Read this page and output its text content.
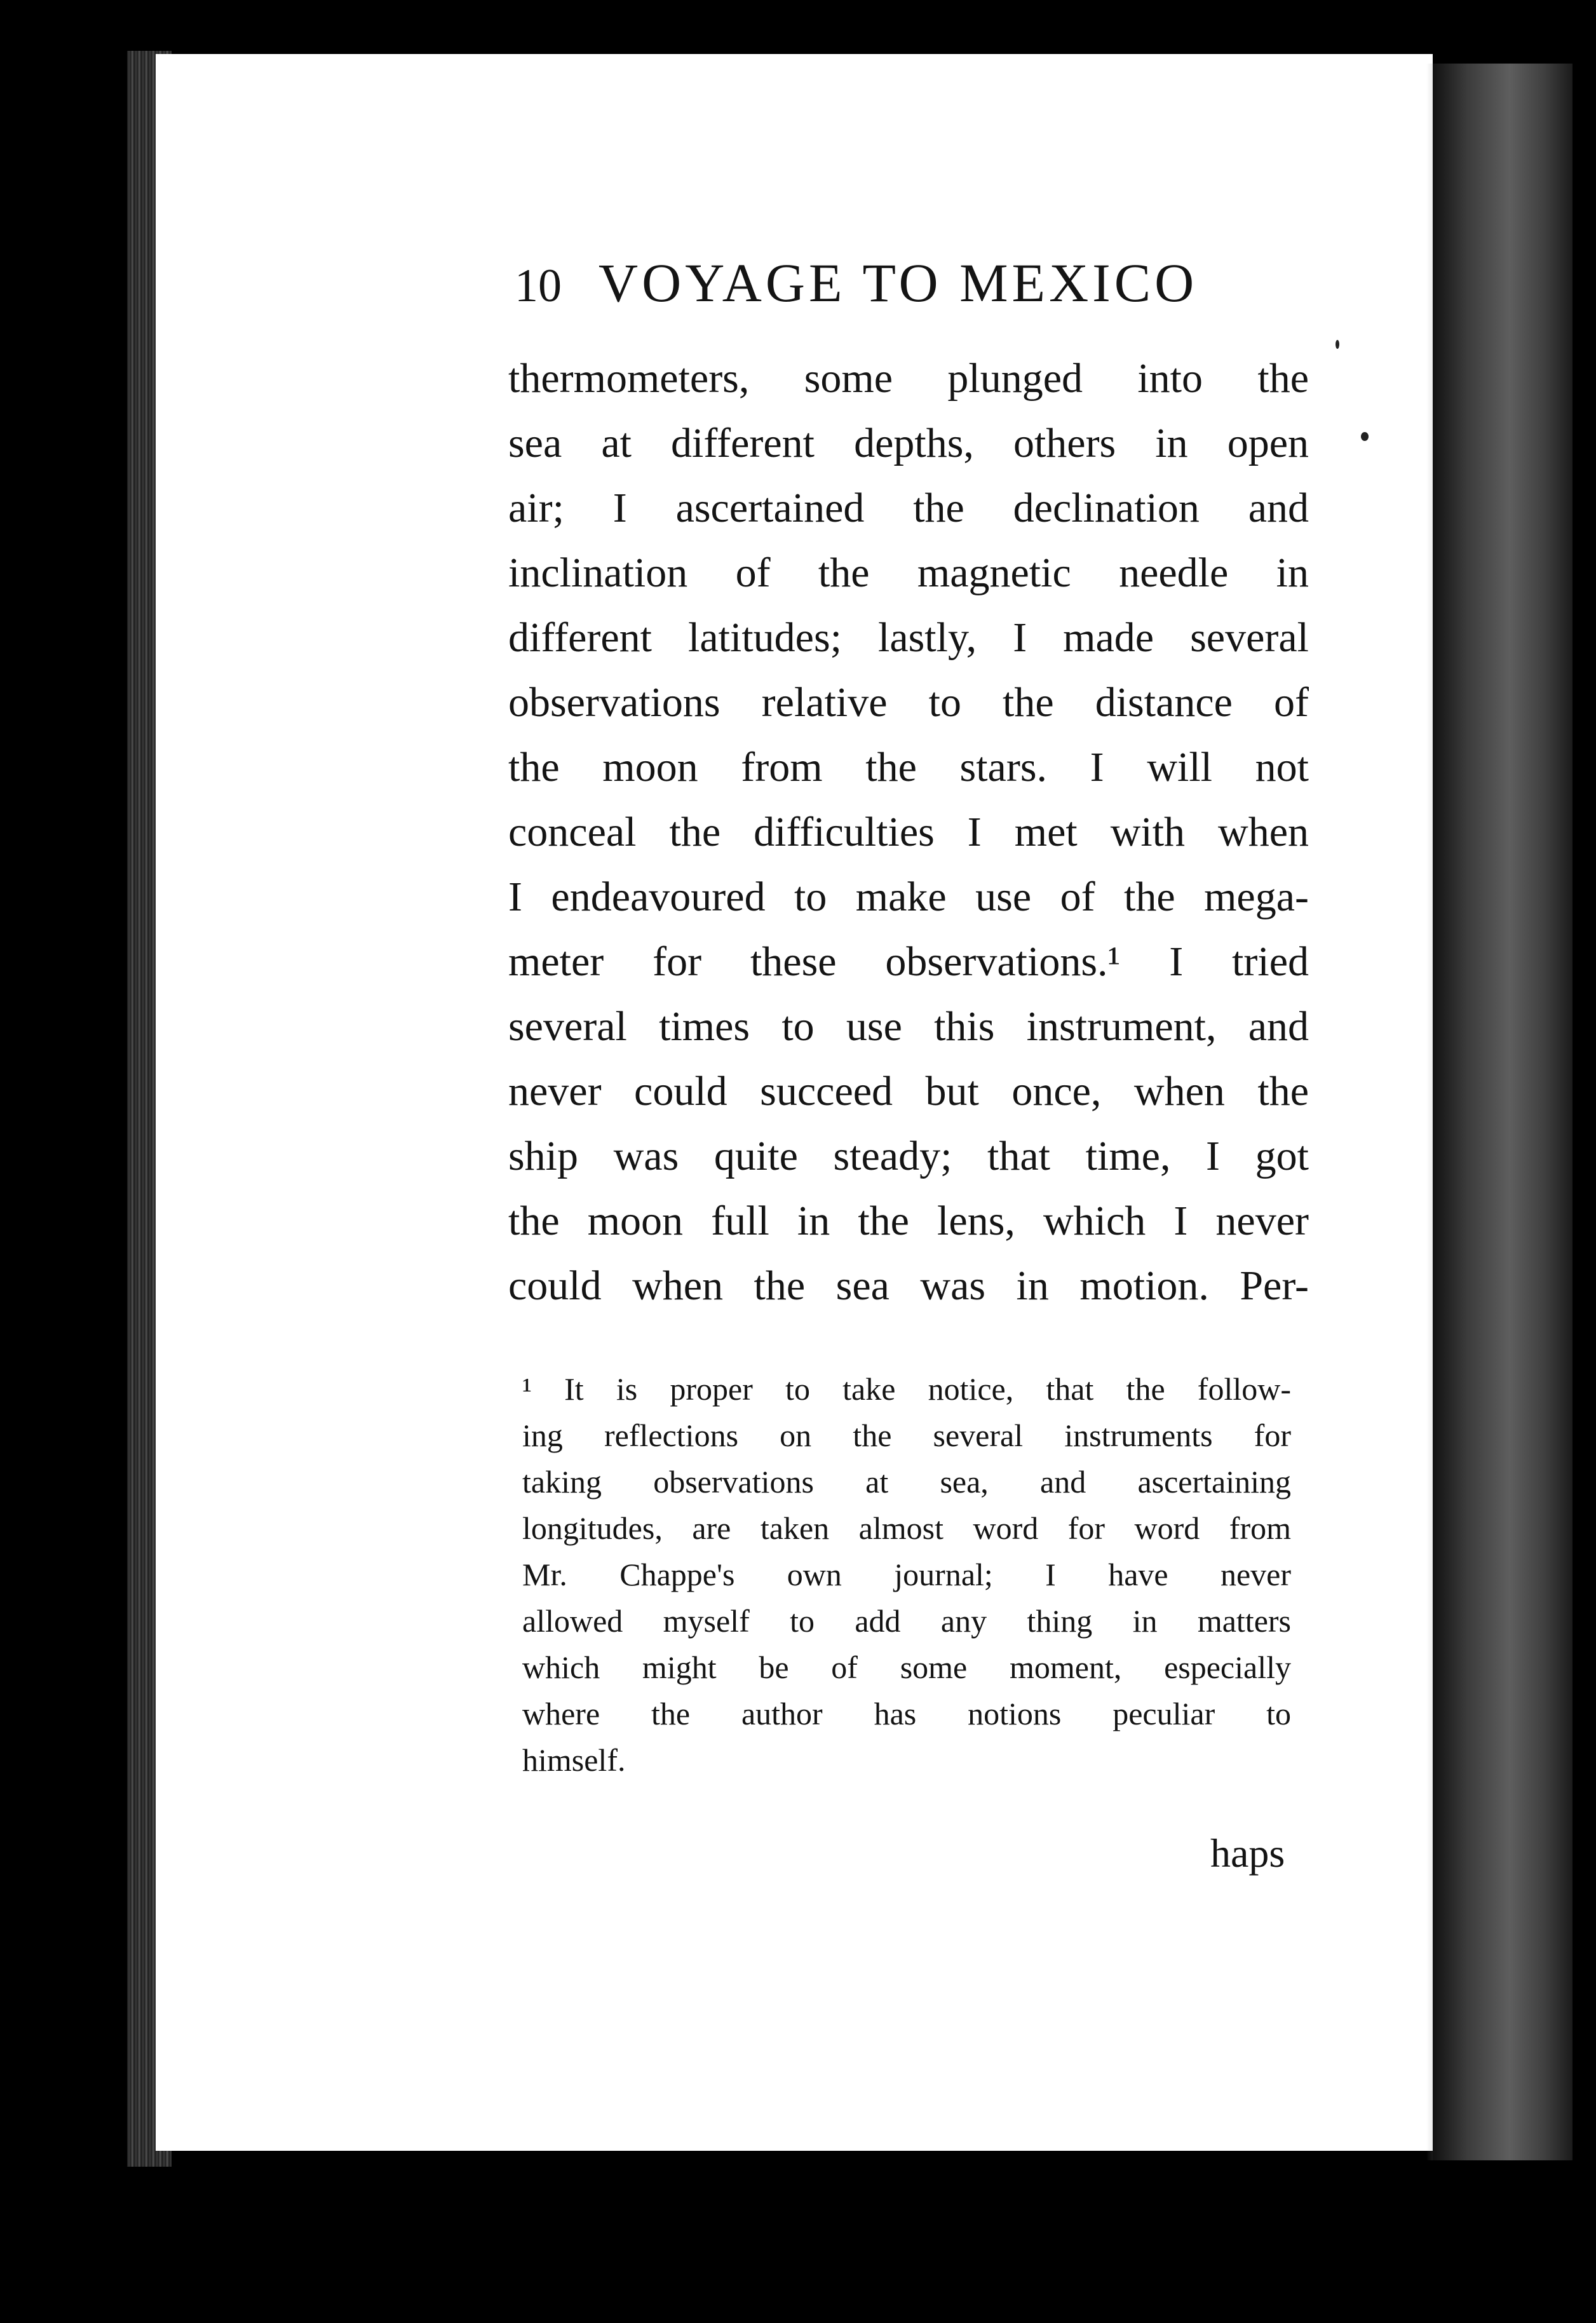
10 VOYAGE TO MEXICO
thermometers, some plunged into the
sea at different depths, others in open
air; I ascertained the declination and
inclination of the magnetic needle in
different latitudes; lastly, I made several
observations relative to the distance of
the moon from the stars. I will not
conceal the difficulties I met with when
I endeavoured to make use of the mega-
meter for these observations.¹ I tried
several times to use this instrument, and
never could succeed but once, when the
ship was quite steady; that time, I got
the moon full in the lens, which I never
could when the sea was in motion. Per-
¹ It is proper to take notice, that the follow-
ing reflections on the several instruments for
taking observations at sea, and ascertaining
longitudes, are taken almost word for word from
Mr. Chappe's own journal; I have never
allowed myself to add any thing in matters
which might be of some moment, especially
where the author has notions peculiar to
himself.
haps
